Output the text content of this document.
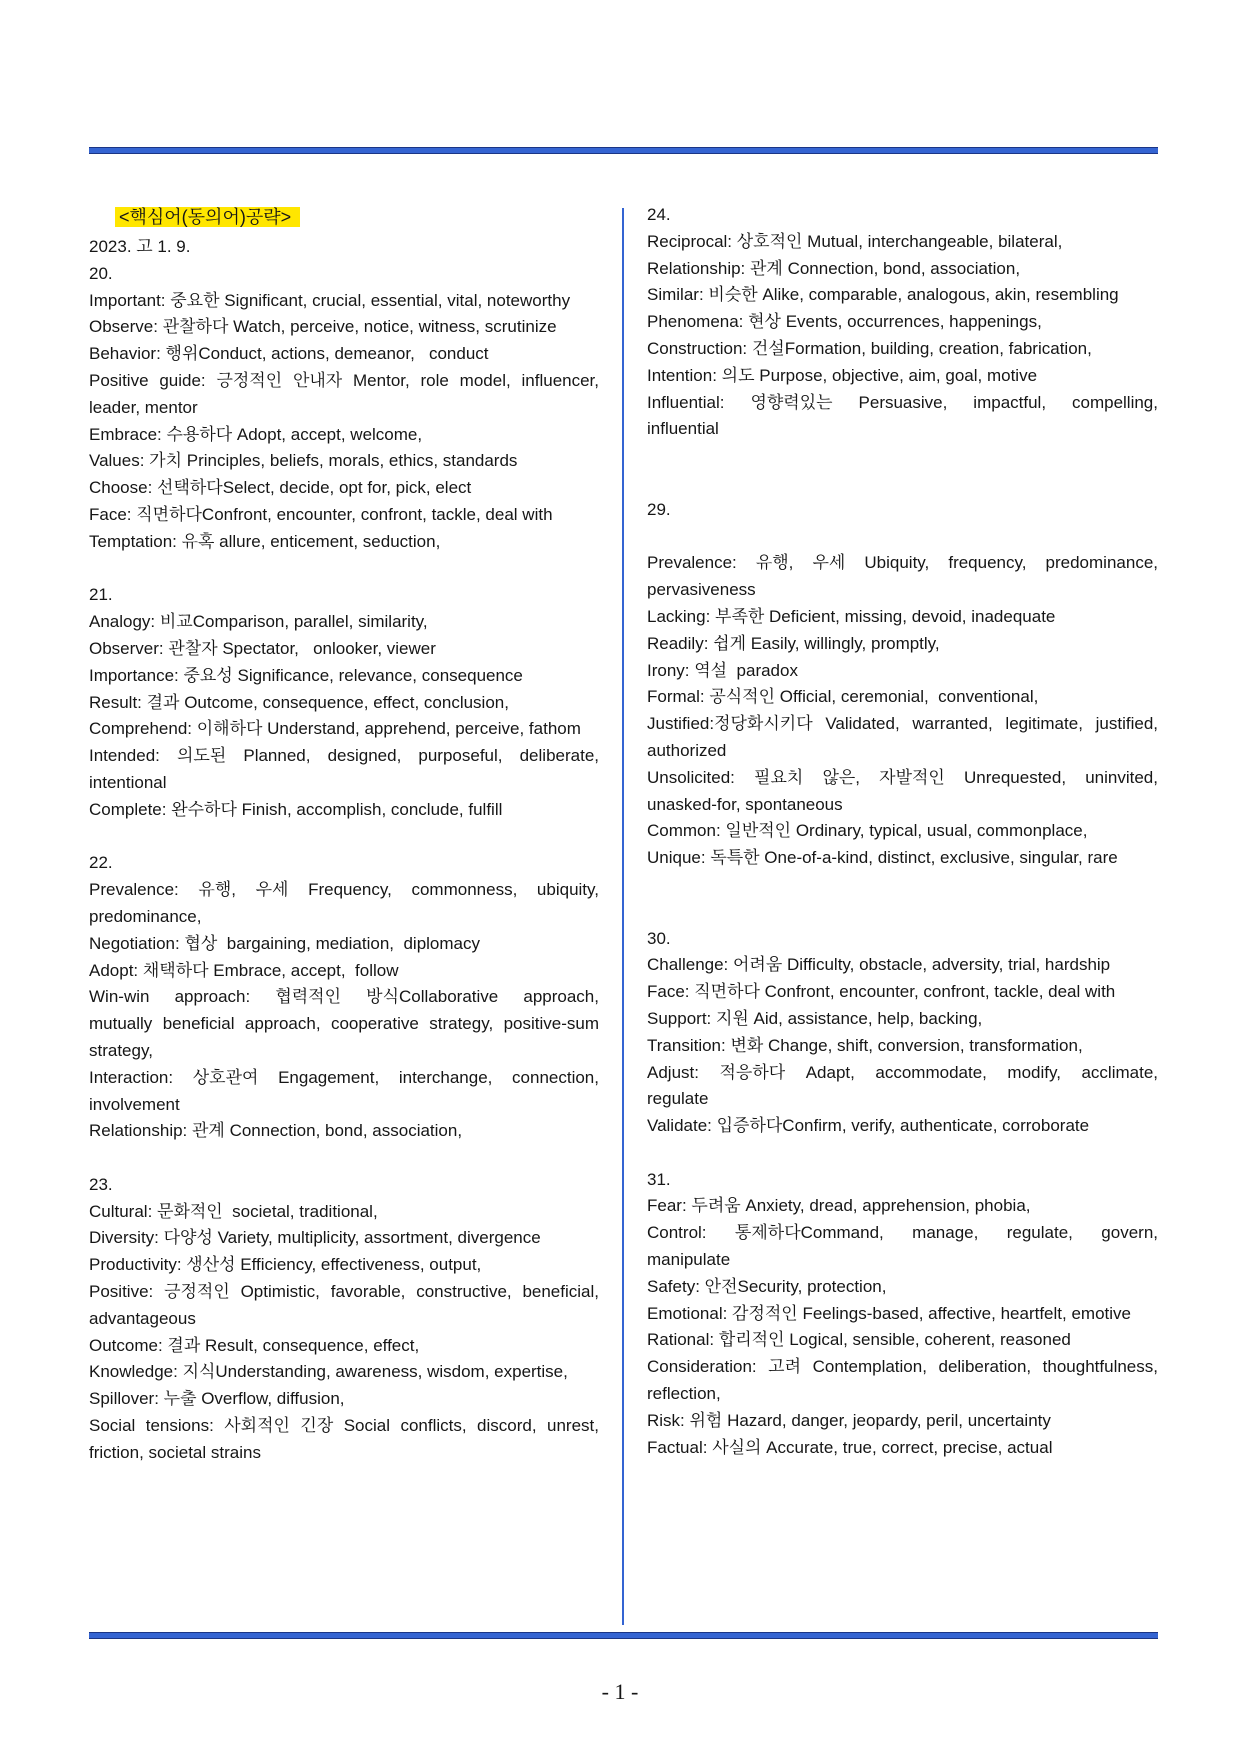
<핵심어(동의어)공략>
2023. 고 1. 9.
20.
Important: 중요한 Significant, crucial, essential, vital, noteworthy
Observe: 관찰하다 Watch, perceive, notice, witness, scrutinize
Behavior: 행위Conduct, actions, demeanor,   conduct
Positive guide: 긍정적인 안내자 Mentor, role model, influencer,
leader, mentor
Embrace: 수용하다 Adopt, accept, welcome,
Values: 가치 Principles, beliefs, morals, ethics, standards
Choose: 선택하다Select, decide, opt for, pick, elect
Face: 직면하다Confront, encounter, confront, tackle, deal with
Temptation: 유혹 allure, enticement, seduction,
21.
Analogy: 비교Comparison, parallel, similarity,
Observer: 관찰자 Spectator,   onlooker, viewer
Importance: 중요성 Significance, relevance, consequence
Result: 결과 Outcome, consequence, effect, conclusion,
Comprehend: 이해하다 Understand, apprehend, perceive, fathom
Intended: 의도된 Planned, designed, purposeful, deliberate,
intentional
Complete: 완수하다 Finish, accomplish, conclude, fulfill
22.
Prevalence: 유행, 우세 Frequency, commonness, ubiquity,
predominance,
Negotiation: 협상  bargaining, mediation,  diplomacy
Adopt: 채택하다 Embrace, accept,  follow
Win-win approach: 협력적인 방식Collaborative approach,
mutually beneficial approach, cooperative strategy, positive-sum
strategy,
Interaction: 상호관여 Engagement, interchange, connection,
involvement
Relationship: 관계 Connection, bond, association,
23.
Cultural: 문화적인  societal, traditional,
Diversity: 다양성 Variety, multiplicity, assortment, divergence
Productivity: 생산성 Efficiency, effectiveness, output,
Positive: 긍정적인 Optimistic, favorable, constructive, beneficial,
advantageous
Outcome: 결과 Result, consequence, effect,
Knowledge: 지식Understanding, awareness, wisdom, expertise,
Spillover: 누출 Overflow, diffusion,
Social tensions: 사회적인 긴장 Social conflicts, discord, unrest,
friction, societal strains
24.
Reciprocal: 상호적인 Mutual, interchangeable, bilateral,
Relationship: 관계 Connection, bond, association,
Similar: 비슷한 Alike, comparable, analogous, akin, resembling
Phenomena: 현상 Events, occurrences, happenings,
Construction: 건설Formation, building, creation, fabrication,
Intention: 의도 Purpose, objective, aim, goal, motive
Influential: 영향력있는 Persuasive, impactful, compelling,
influential
29.
Prevalence: 유행, 우세 Ubiquity, frequency, predominance,
pervasiveness
Lacking: 부족한 Deficient, missing, devoid, inadequate
Readily: 쉽게 Easily, willingly, promptly,
Irony: 역설  paradox
Formal: 공식적인 Official, ceremonial,  conventional,
Justified:정당화시키다 Validated, warranted, legitimate, justified,
authorized
Unsolicited: 필요치 않은, 자발적인 Unrequested, uninvited,
unasked-for, spontaneous
Common: 일반적인 Ordinary, typical, usual, commonplace,
Unique: 독특한 One-of-a-kind, distinct, exclusive, singular, rare
30.
Challenge: 어려움 Difficulty, obstacle, adversity, trial, hardship
Face: 직면하다 Confront, encounter, confront, tackle, deal with
Support: 지원 Aid, assistance, help, backing,
Transition: 변화 Change, shift, conversion, transformation,
Adjust: 적응하다 Adapt, accommodate, modify, acclimate,
regulate
Validate: 입증하다Confirm, verify, authenticate, corroborate
31.
Fear: 두려움 Anxiety, dread, apprehension, phobia,
Control: 통제하다Command, manage, regulate, govern,
manipulate
Safety: 안전Security, protection,
Emotional: 감정적인 Feelings-based, affective, heartfelt, emotive
Rational: 합리적인 Logical, sensible, coherent, reasoned
Consideration: 고려 Contemplation, deliberation, thoughtfulness,
reflection,
Risk: 위험 Hazard, danger, jeopardy, peril, uncertainty
Factual: 사실의 Accurate, true, correct, precise, actual
- 1 -
